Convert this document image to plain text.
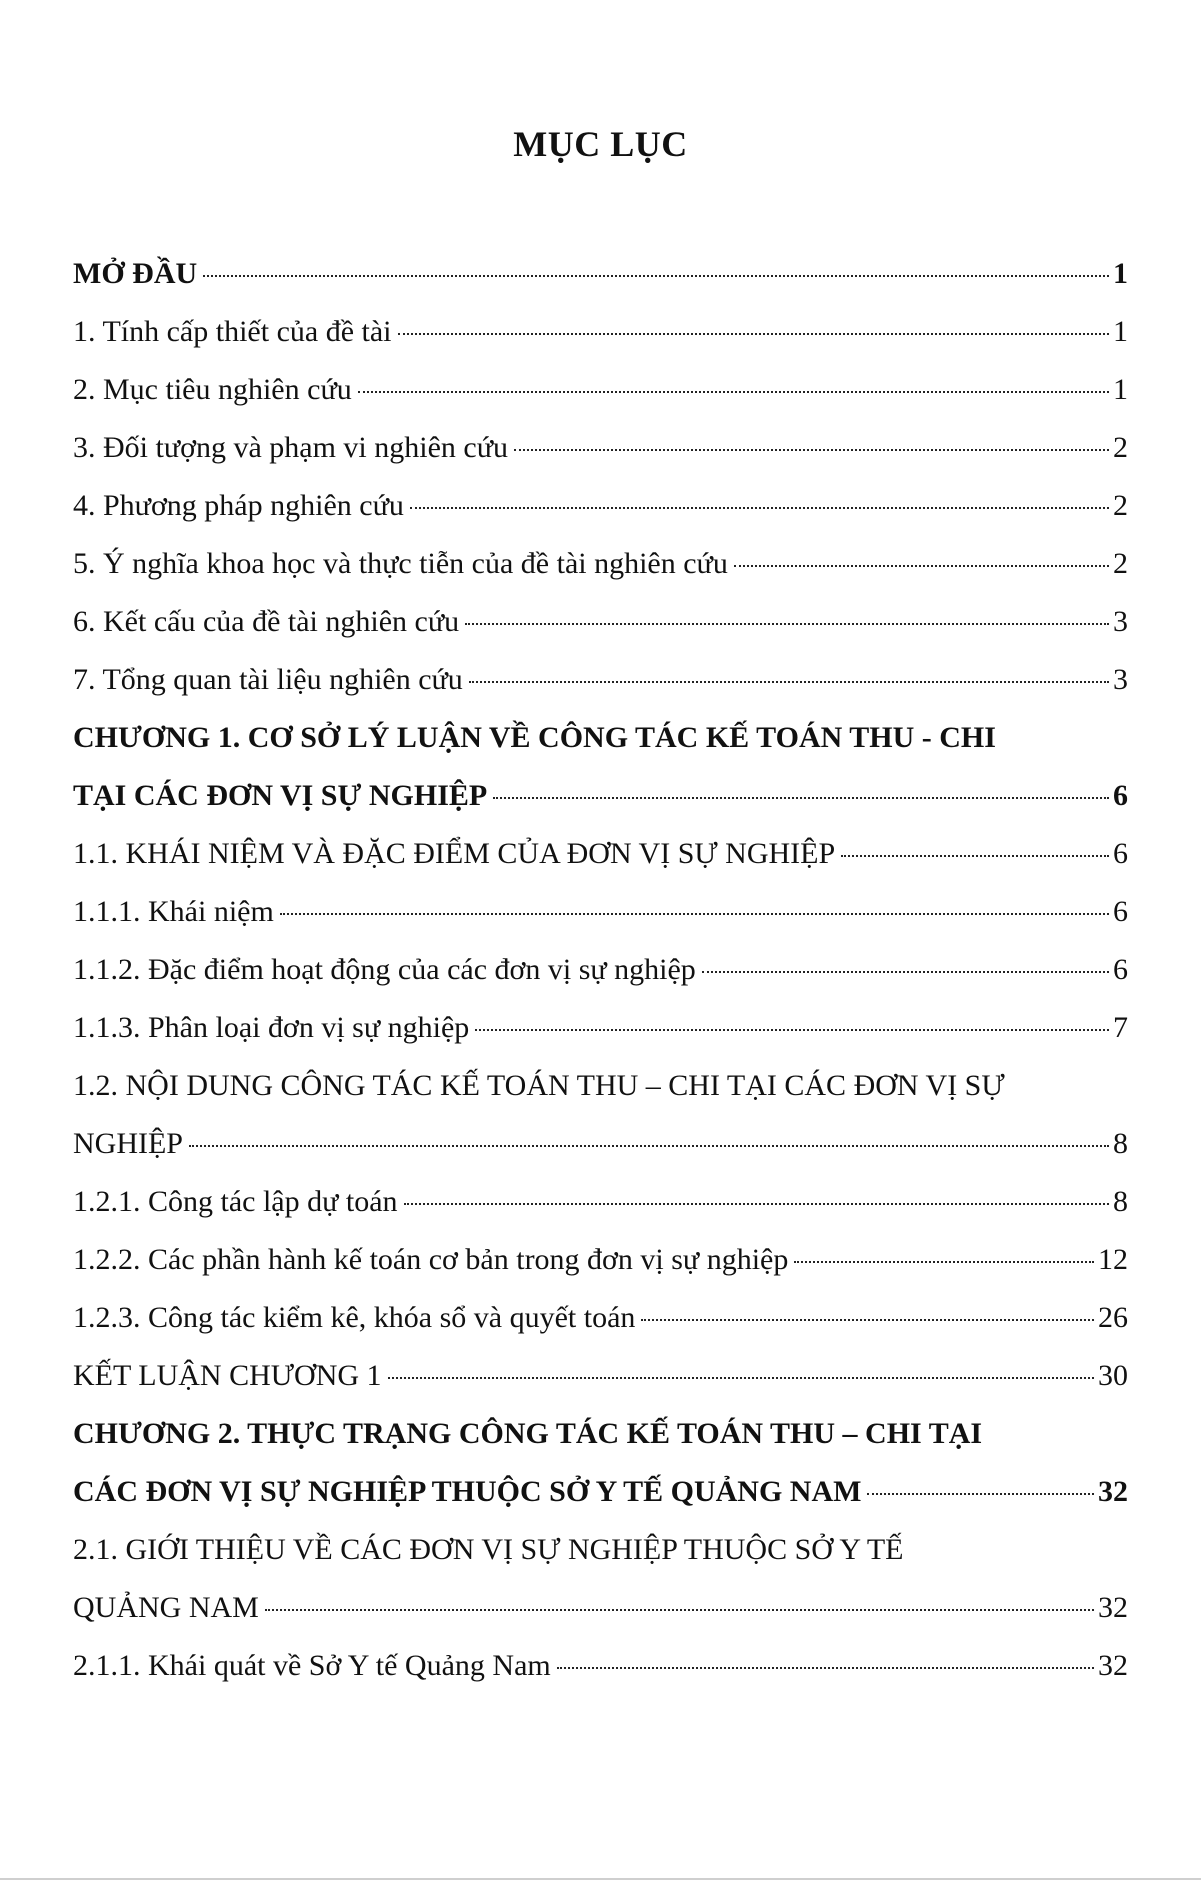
MỤC LỤC
MỞ ĐẦU	1
1. Tính cấp thiết của đề tài	1
2. Mục tiêu nghiên cứu	1
3. Đối tượng và phạm vi nghiên cứu	2
4. Phương pháp nghiên cứu	2
5. Ý nghĩa khoa học và thực tiễn của đề tài nghiên cứu	2
6. Kết cấu của đề tài nghiên cứu	3
7. Tổng quan tài liệu nghiên cứu	3
CHƯƠNG 1. CƠ SỞ LÝ LUẬN VỀ CÔNG TÁC KẾ TOÁN THU - CHI
TẠI CÁC ĐƠN VỊ SỰ NGHIỆP	6
1.1. KHÁI NIỆM VÀ ĐẶC ĐIỂM CỦA ĐƠN VỊ SỰ NGHIỆP	6
1.1.1. Khái niệm	6
1.1.2. Đặc điểm hoạt động của các đơn vị sự nghiệp	6
1.1.3. Phân loại đơn vị sự nghiệp	7
1.2. NỘI DUNG CÔNG TÁC KẾ TOÁN THU – CHI TẠI CÁC ĐƠN VỊ SỰ
NGHIỆP	8
1.2.1. Công tác lập dự toán	8
1.2.2. Các phần hành kế toán cơ bản trong đơn vị sự nghiệp	12
1.2.3. Công tác kiểm kê, khóa sổ và quyết toán	26
KẾT LUẬN CHƯƠNG 1	30
CHƯƠNG 2. THỰC TRẠNG CÔNG TÁC KẾ TOÁN THU – CHI TẠI
CÁC ĐƠN VỊ SỰ NGHIỆP THUỘC SỞ Y TẾ QUẢNG NAM	32
2.1. GIỚI THIỆU VỀ CÁC ĐƠN VỊ SỰ NGHIỆP THUỘC SỞ Y TẾ
QUẢNG NAM	32
2.1.1. Khái quát về Sở Y tế Quảng Nam	32
